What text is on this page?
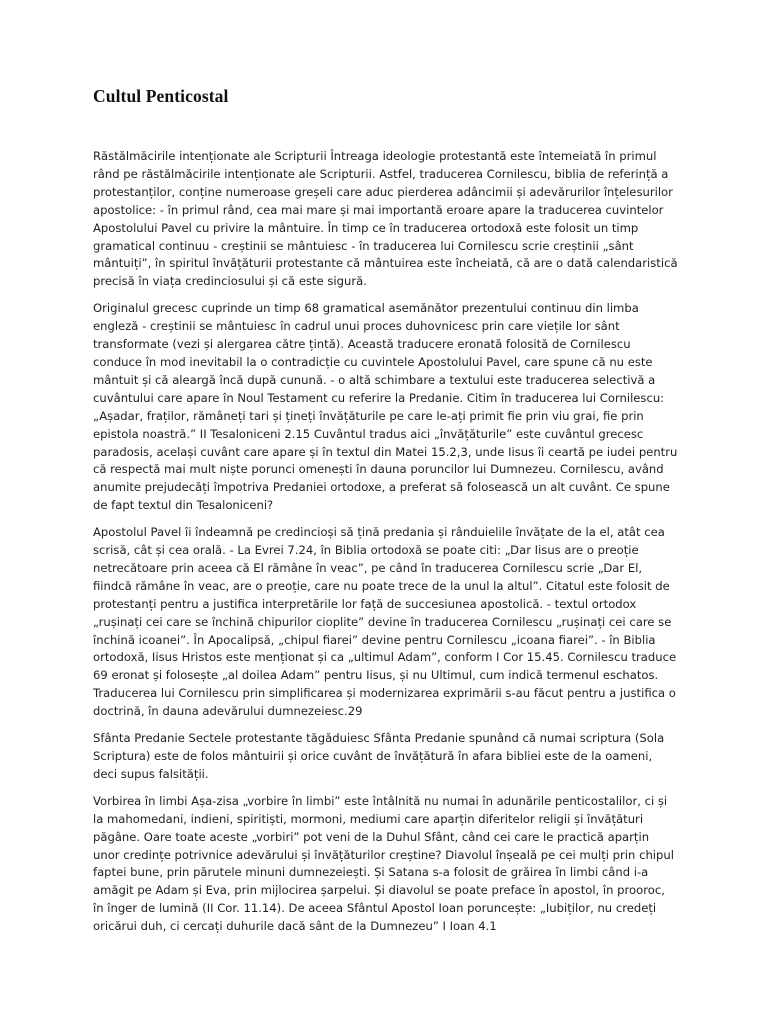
Cultul Penticostal

Răstălmăcirile intenționate ale Scripturii Întreaga ideologie protestantă este întemeiată în primul rând pe răstălmăcirile intenționate ale Scripturii. Astfel, traducerea Cornilescu, biblia de referință a protestanților, conține numeroase greșeli care aduc pierderea adâncimii și adevărurilor înțelesurilor apostolice: - în primul rând, cea mai mare și mai importantă eroare apare la traducerea cuvintelor Apostolului Pavel cu privire la mântuire. În timp ce în traducerea ortodoxă este folosit un timp gramatical continuu - creștinii se mântuiesc - în traducerea lui Cornilescu scrie creștinii „sânt mântuiți”, în spiritul învățăturii protestante că mântuirea este încheiată, că are o dată calendaristică precisă în viața credinciosului și că este sigură.

Originalul grecesc cuprinde un timp 68 gramatical asemănător prezentului continuu din limba engleză - creștinii se mântuiesc în cadrul unui proces duhovnicesc prin care viețile lor sânt transformate (vezi și alergarea către țintă). Această traducere eronată folosită de Cornilescu conduce în mod inevitabil la o contradicție cu cuvintele Apostolului Pavel, care spune că nu este mântuit și că aleargă încă după cunună. - o altă schimbare a textului este traducerea selectivă a cuvântului care apare în Noul Testament cu referire la Predanie. Citim în traducerea lui Cornilescu: „Așadar, fraților, rămâneți tari și țineți învățăturile pe care le-ați primit fie prin viu grai, fie prin epistola noastră.” II Tesaloniceni 2.15 Cuvântul tradus aici „învățăturile” este cuvântul grecesc paradosis, același cuvânt care apare și în textul din Matei 15.2,3, unde Iisus îi ceartă pe iudei pentru că respectă mai mult niște porunci omenești în dauna poruncilor lui Dumnezeu. Cornilescu, având anumite prejudecăți împotriva Predaniei ortodoxe, a preferat să folosească un alt cuvânt. Ce spune de fapt textul din Tesaloniceni?

Apostolul Pavel îi îndeamnă pe credincioși să țină predania și rânduielile învățate de la el, atât cea scrisă, cât și cea orală. - La Evrei 7.24, în Biblia ortodoxă se poate citi: „Dar Iisus are o preoție netrecătoare prin aceea că El rămâne în veac”, pe când în traducerea Cornilescu scrie „Dar El, fiindcă rămâne în veac, are o preoție, care nu poate trece de la unul la altul”. Citatul este folosit de protestanți pentru a justifica interpretările lor față de succesiunea apostolică. - textul ortodox „rușinați cei care se închină chipurilor cioplite” devine în traducerea Cornilescu „rușinați cei care se închină icoanei”. În Apocalipsă, „chipul fiarei” devine pentru Cornilescu „icoana fiarei”. - în Biblia ortodoxă, Iisus Hristos este menționat și ca „ultimul Adam”, conform I Cor 15.45. Cornilescu traduce 69 eronat și folosește „al doilea Adam” pentru Iisus, și nu Ultimul, cum indică termenul eschatos. Traducerea lui Cornilescu prin simplificarea și modernizarea exprimării s-au făcut pentru a justifica o doctrină, în dauna adevărului dumnezeiesc.29

Sfânta Predanie Sectele protestante tăgăduiesc Sfânta Predanie spunând că numai scriptura (Sola Scriptura) este de folos mântuirii și orice cuvânt de învățătură în afara bibliei este de la oameni, deci supus falsității.

Vorbirea în limbi Așa-zisa „vorbire în limbi” este întâlnită nu numai în adunările penticostalilor, ci și la mahomedani, indieni, spiritiști, mormoni, mediumi care aparțin diferitelor religii și învățături păgâne. Oare toate aceste „vorbiri” pot veni de la Duhul Sfânt, când cei care le practică aparțin unor credințe potrivnice adevărului și învățăturilor creștine? Diavolul înșeală pe cei mulți prin chipul faptei bune, prin părutele minuni dumnezeiești. Și Satana s-a folosit de grăirea în limbi când i-a amăgit pe Adam și Eva, prin mijlocirea șarpelui. Și diavolul se poate preface în apostol, în prooroc, în înger de lumină (II Cor. 11.14). De aceea Sfântul Apostol Ioan poruncește: „Iubiților, nu credeți oricărui duh, ci cercați duhurile dacă sânt de la Dumnezeu” I Ioan 4.1
